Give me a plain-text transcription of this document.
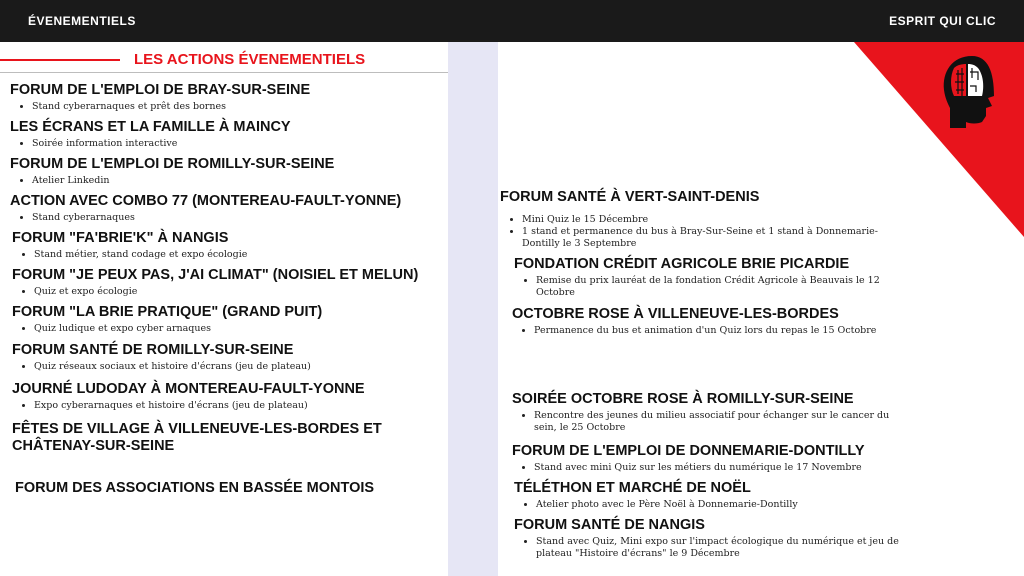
ÉVENEMENTIELS	ESPRIT QUI CLIC
LES ACTIONS ÉVENEMENTIELS
FORUM DE L'EMPLOI DE BRAY-SUR-SEINE
• Stand cyberarnaques et prêt des bornes
LES ÉCRANS ET LA FAMILLE À MAINCY
• Soirée information interactive
FORUM DE L'EMPLOI DE ROMILLY-SUR-SEINE
• Atelier Linkedin
ACTION AVEC COMBO 77 (MONTEREAU-FAULT-YONNE)
• Stand cyberarnaques
FORUM "FA'BRIE'K" À NANGIS
• Stand métier, stand codage et expo écologie
FORUM "JE PEUX PAS, J'AI CLIMAT" (NOISIEL ET MELUN)
• Quiz et expo écologie
FORUM "LA BRIE PRATIQUE" (GRAND PUIT)
• Quiz ludique et expo cyber arnaques
FORUM SANTÉ DE ROMILLY-SUR-SEINE
• Quiz réseaux sociaux et histoire d'écrans (jeu de plateau)
JOURNÉ LUDODAY À MONTEREAU-FAULT-YONNE
• Expo cyberarnaques et histoire d'écrans (jeu de plateau)
FÊTES DE VILLAGE À VILLENEUVE-LES-BORDES ET CHÂTENAY-SUR-SEINE
FORUM DES ASSOCIATIONS EN BASSÉE MONTOIS
FORUM SANTÉ À VERT-SAINT-DENIS
• Mini Quiz le 15 Décembre
• 1 stand et permanence du bus à Bray-Sur-Seine et 1 stand à Donnemarie-Dontilly le 3 Septembre
FONDATION CRÉDIT AGRICOLE BRIE PICARDIE
• Remise du prix lauréat de la fondation Crédit Agricole à Beauvais le 12 Octobre
OCTOBRE ROSE À VILLENEUVE-LES-BORDES
• Permanence du bus et animation d'un Quiz lors du repas le 15 Octobre
SOIRÉE OCTOBRE ROSE À ROMILLY-SUR-SEINE
• Rencontre des jeunes du milieu associatif pour échanger sur le cancer du sein, le 25 Octobre
FORUM DE L'EMPLOI DE DONNEMARIE-DONTILLY
• Stand avec mini Quiz sur les métiers du numérique le 17 Novembre
TÉLÉTHON ET MARCHÉ DE NOËL
• Atelier photo avec le Père Noël à Donnemarie-Dontilly
FORUM SANTÉ DE NANGIS
• Stand avec Quiz, Mini expo sur l'impact écologique du numérique et jeu de plateau "Histoire d'écrans" le 9 Décembre
